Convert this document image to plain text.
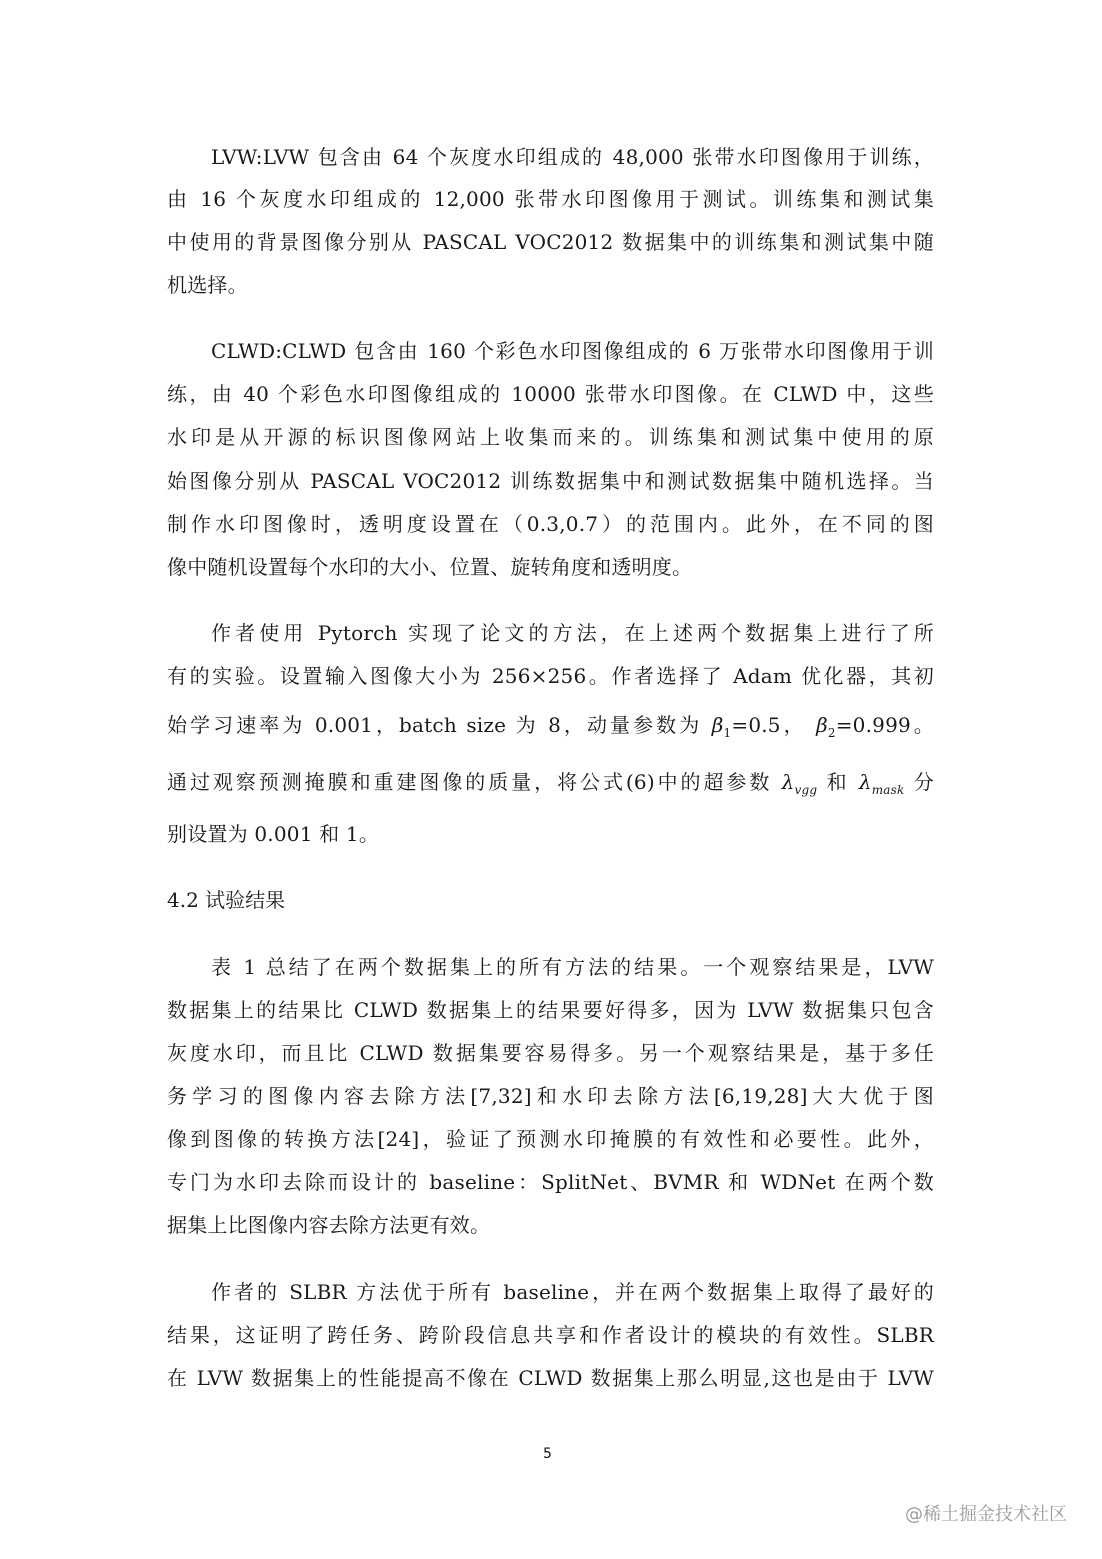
LVW:LVW 包含由 64 个灰度水印组成的 48,000 张带水印图像用于训练，
由 16 个灰度水印组成的 12,000 张带水印图像用于测试。训练集和测试集
中使用的背景图像分别从 PASCAL VOC2012 数据集中的训练集和测试集中随
机选择。
CLWD:CLWD 包含由 160 个彩色水印图像组成的 6 万张带水印图像用于训
练，由 40 个彩色水印图像组成的 10000 张带水印图像。在 CLWD 中，这些
水印是从开源的标识图像网站上收集而来的。训练集和测试集中使用的原
始图像分别从 PASCAL VOC2012 训练数据集中和测试数据集中随机选择。当
制作水印图像时，透明度设置在（0.3,0.7）的范围内。此外，在不同的图
像中随机设置每个水印的大小、位置、旋转角度和透明度。
作者使用 Pytorch 实现了论文的方法，在上述两个数据集上进行了所
有的实验。设置输入图像大小为 256×256。作者选择了 Adam 优化器，其初
始学习速率为 0.001，batch size 为 8，动量参数为 $\beta_1=0.5$， $\beta_2=0.999$。
通过观察预测掩膜和重建图像的质量，将公式(6)中的超参数 $\lambda_{vgg}$ 和 $\lambda_{mask}$ 分
别设置为 0.001 和 1。
4.2 试验结果
表 1 总结了在两个数据集上的所有方法的结果。一个观察结果是，LVW
数据集上的结果比 CLWD 数据集上的结果要好得多，因为 LVW 数据集只包含
灰度水印，而且比 CLWD 数据集要容易得多。另一个观察结果是，基于多任
务学习的图像内容去除方法[7,32]和水印去除方法[6,19,28]大大优于图
像到图像的转换方法[24]，验证了预测水印掩膜的有效性和必要性。此外，
专门为水印去除而设计的 baseline：SplitNet、BVMR 和 WDNet 在两个数
据集上比图像内容去除方法更有效。
作者的 SLBR 方法优于所有 baseline，并在两个数据集上取得了最好的
结果，这证明了跨任务、跨阶段信息共享和作者设计的模块的有效性。SLBR
在 LVW 数据集上的性能提高不像在 CLWD 数据集上那么明显,这也是由于 LVW
5
@稀土掘金技术社区
